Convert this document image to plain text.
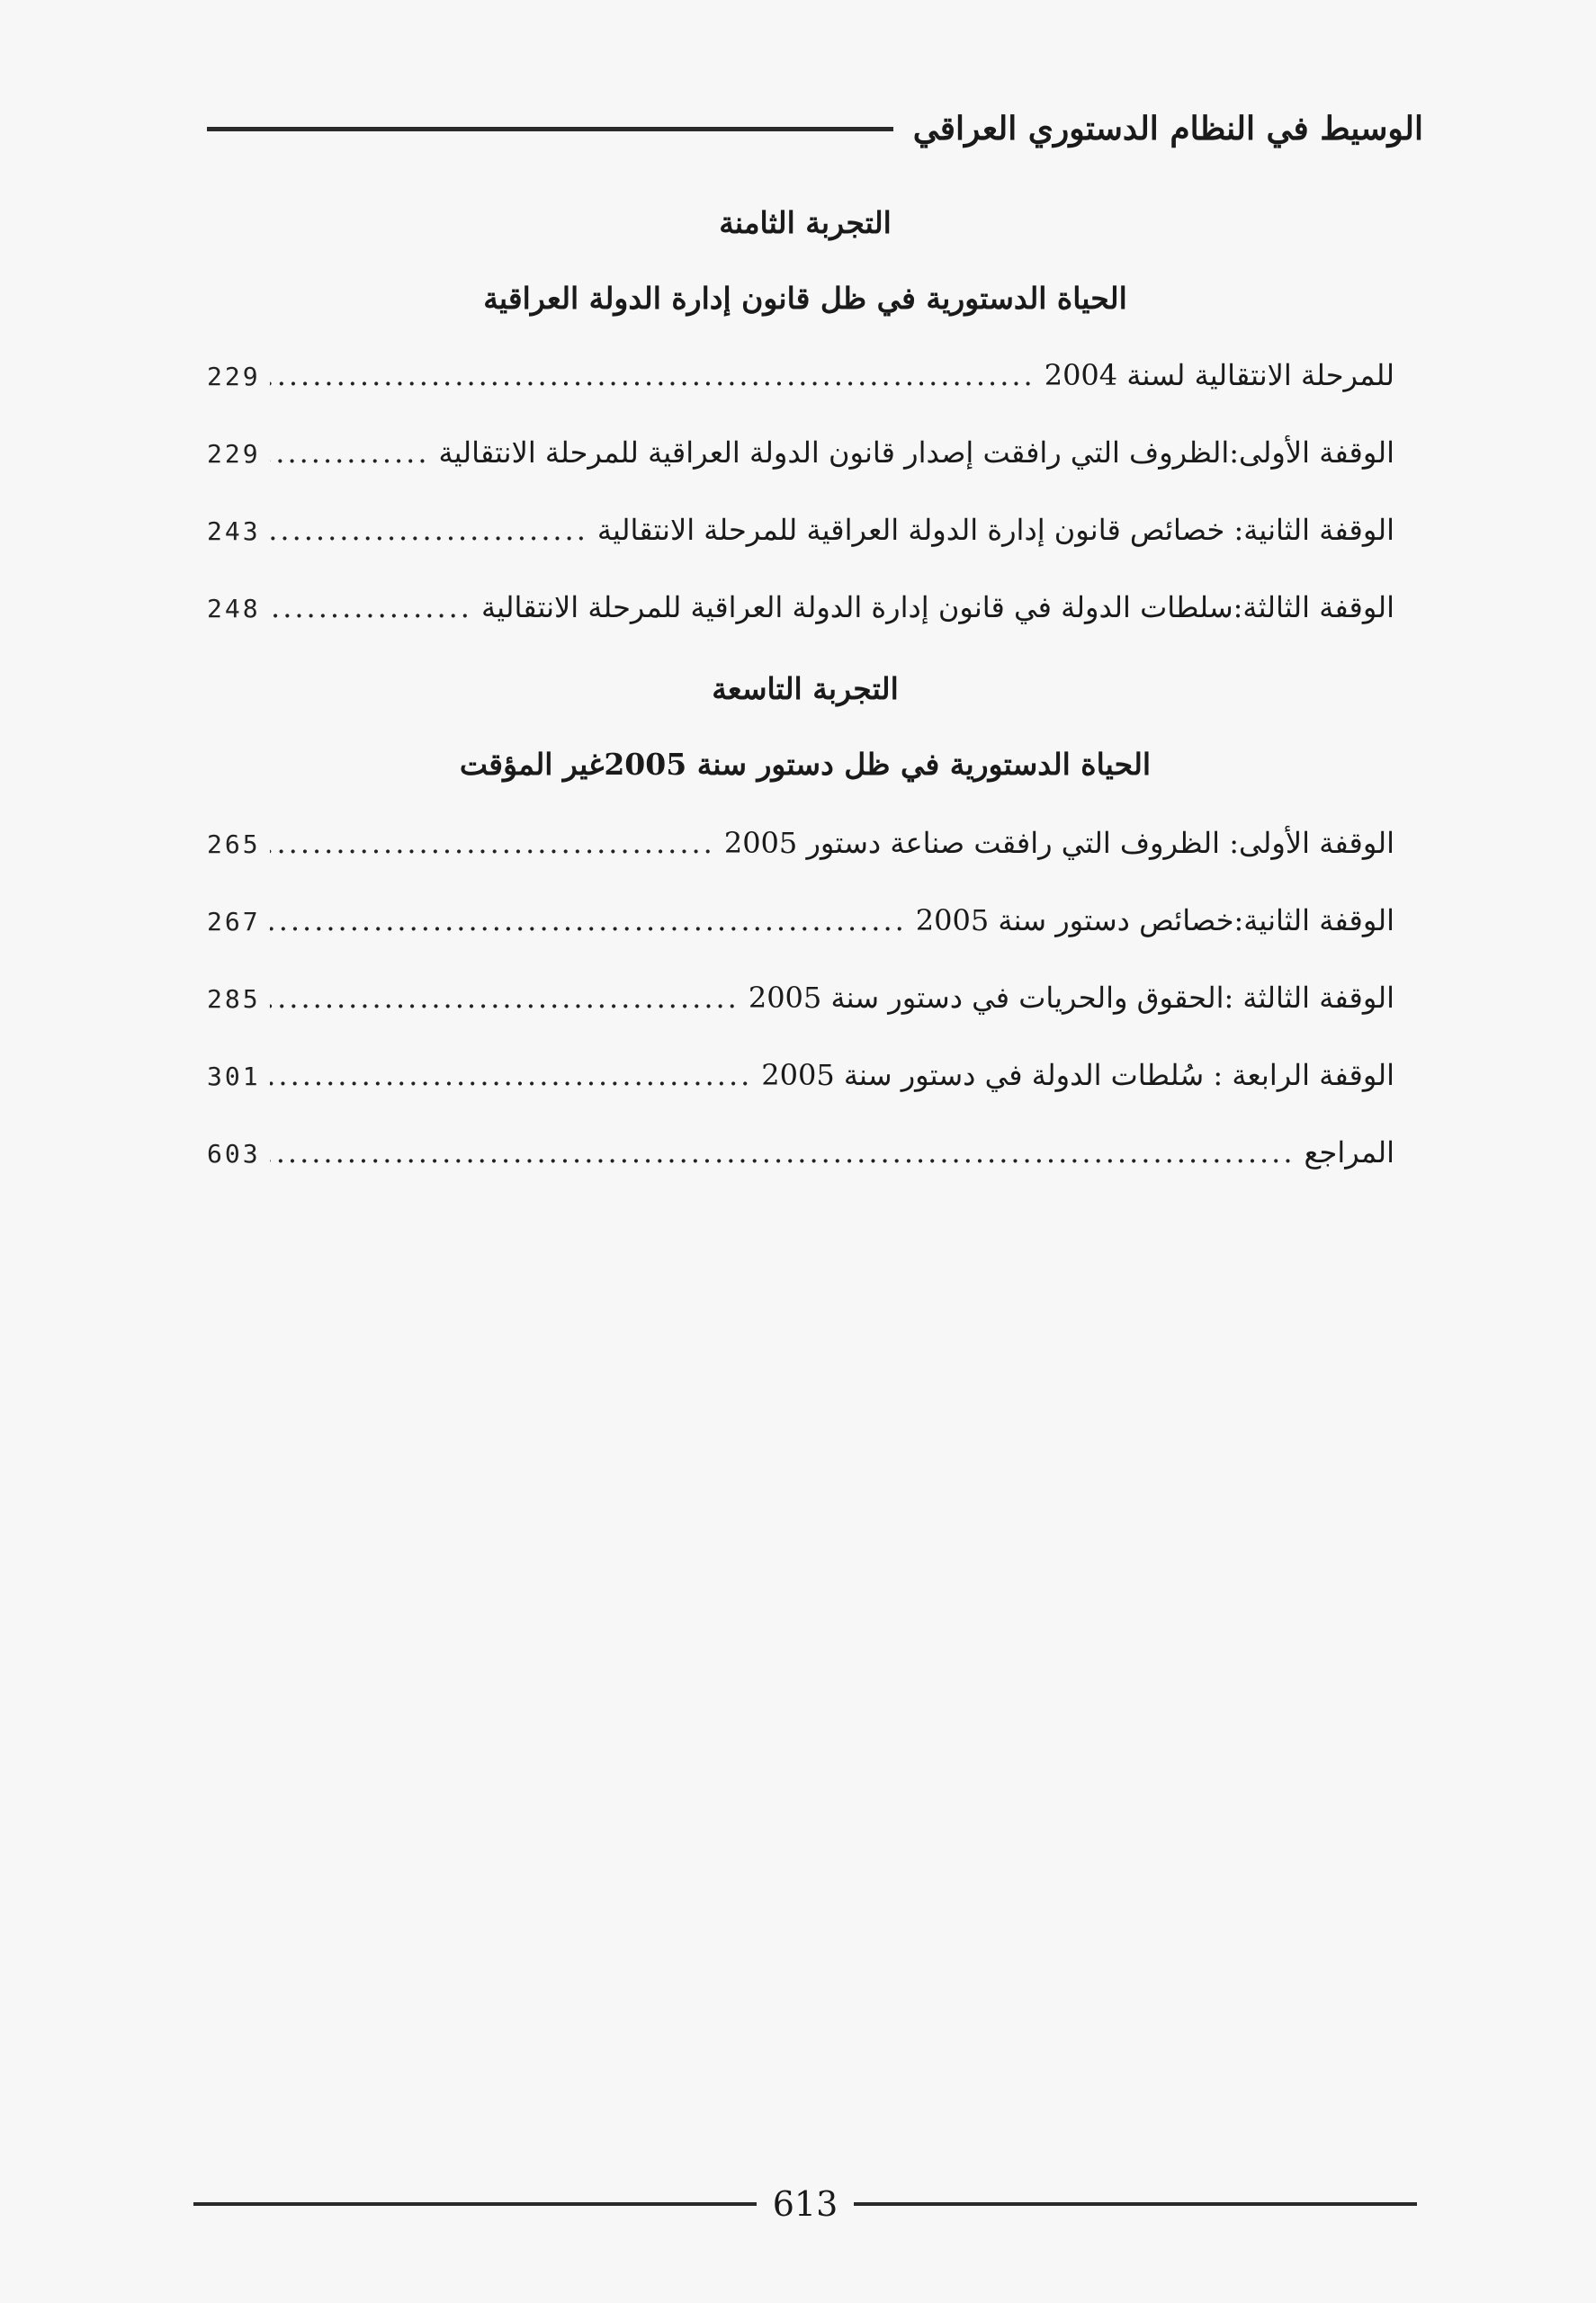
الوسيط في النظام الدستوري العراقي
التجربة الثامنة
الحياة الدستورية في ظل قانون إدارة الدولة العراقية
للمرحلة الانتقالية لسنة 2004
.....
229
الوقفة الأولى:الظروف التي رافقت إصدار قانون الدولة العراقية للمرحلة الانتقالية
.....
229
الوقفة الثانية: خصائص قانون إدارة الدولة العراقية للمرحلة الانتقالية
.....
243
الوقفة الثالثة:سلطات الدولة في قانون إدارة الدولة العراقية للمرحلة الانتقالية
.....
248
التجربة التاسعة
الحياة الدستورية في ظل دستور سنة 2005غير المؤقت
الوقفة الأولى: الظروف التي رافقت صناعة دستور 2005
.....
265
الوقفة الثانية:خصائص دستور سنة 2005
.....
267
الوقفة الثالثة :الحقوق والحريات في دستور سنة 2005
.....
285
الوقفة الرابعة : سُلطات الدولة في دستور سنة 2005
.....
301
المراجع
.....
603
613
